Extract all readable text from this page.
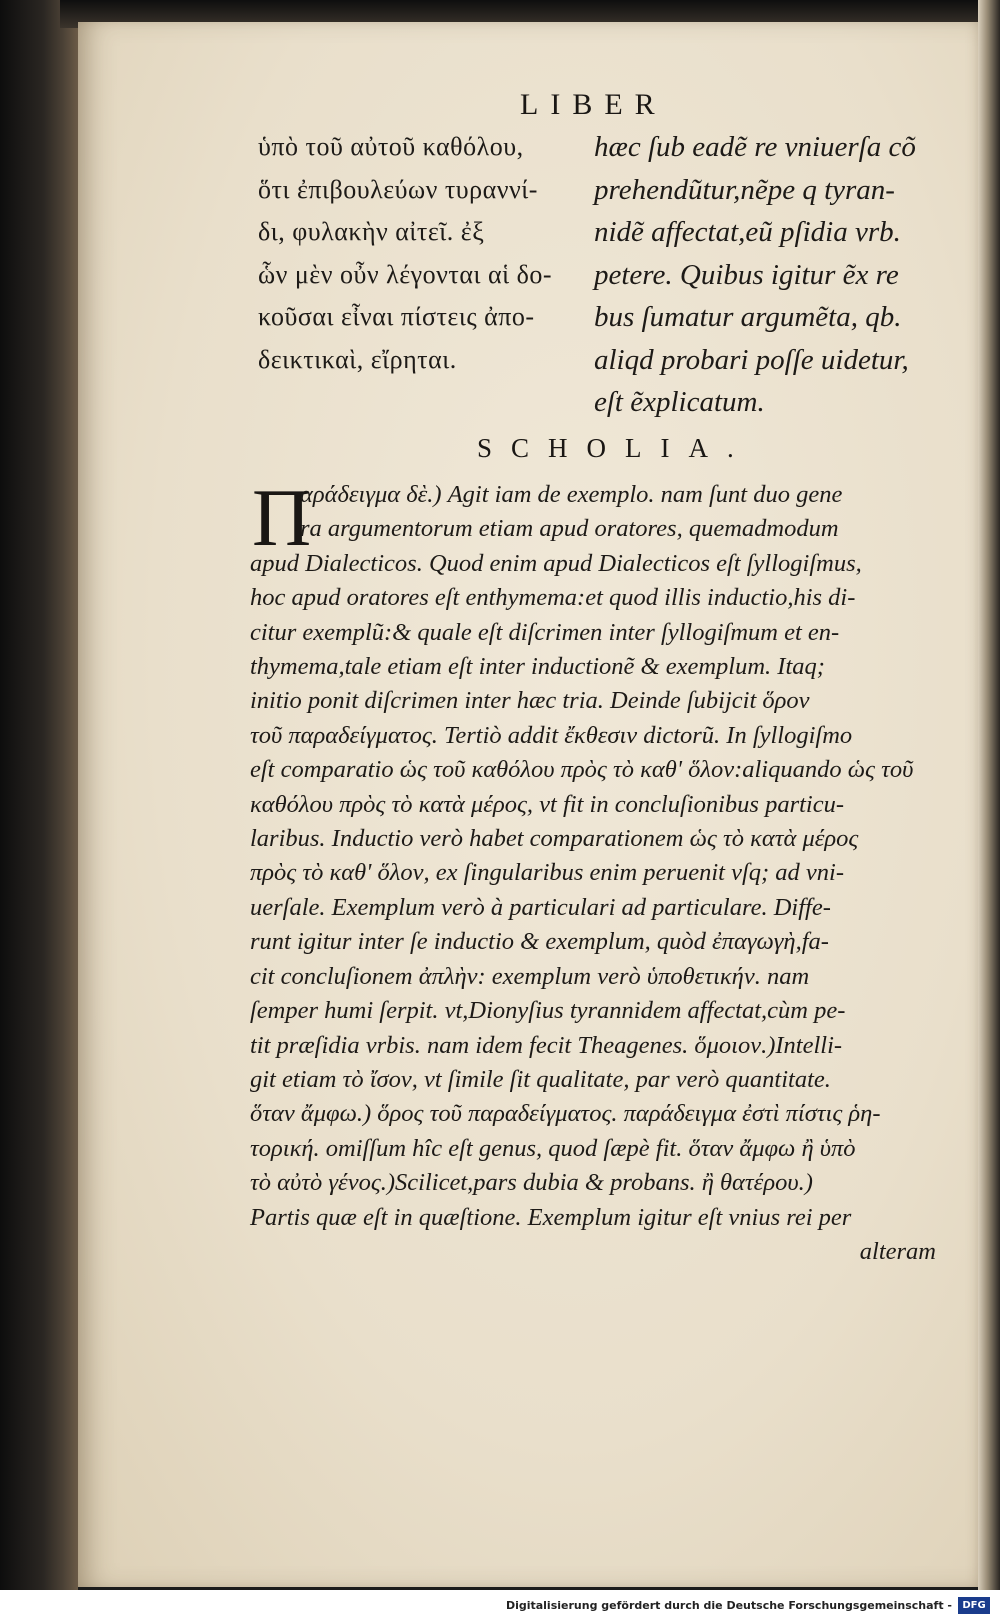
LIBER
ὑπὸ τοῦ αὐτοῦ καθόλου,
ὅτι ἐπιβουλεύων τυραννί-
δι, φυλακὴν αἰτεῖ. ἐξ
ὧν μὲν οὖν λέγονται αἱ δο-
κοῦσαι εἶναι πίστεις ἀπο-
δεικτικαὶ, εἴρηται.
hæc ſub eadẽ re vniuerſa cõ
prehendũtur,nẽpe q tyran-
nidẽ affectat,eũ pſidia vrb.
petere. Quibus igitur ẽx re
bus ſumatur argumẽta, qb.
aliqd probari poſſe uidetur,
eſt ẽxplicatum.
SCHOLIA.
Π
αράδειγμα δὲ.) Agit iam de exemplo. nam ſunt duo gene
ra argumentorum etiam apud oratores, quemadmodum
apud Dialecticos. Quod enim apud Dialecticos eſt ſyllogiſmus,
hoc apud oratores eſt enthymema:et quod illis inductio,his di-
citur exemplũ:& quale eſt diſcrimen inter ſyllogiſmum et en-
thymema,tale etiam eſt inter inductionẽ & exemplum. Itaq;
initio ponit diſcrimen inter hæc tria. Deinde ſubijcit ὅρον
τοῦ παραδείγματος. Tertiò addit ἔκθεσιν dictorũ. In ſyllogiſmo
eſt comparatio ὡς τοῦ καθόλου πρὸς τὸ καθ' ὅλον:aliquando ὡς τοῦ
καθόλου πρὸς τὸ κατὰ μέρος, vt fit in concluſionibus particu-
laribus. Inductio verò habet comparationem ὡς τὸ κατὰ μέρος
πρὸς τὸ καθ' ὅλον, ex ſingularibus enim peruenit vſq; ad vni-
uerſale. Exemplum verò à particulari ad particulare. Diffe-
runt igitur inter ſe inductio & exemplum, quòd ἐπαγωγὴ,fa-
cit concluſionem ἀπλὴν: exemplum verò ὑποθετικήν. nam
ſemper humi ſerpit. vt,Dionyſius tyrannidem affectat,cùm pe-
tit præſidia vrbis. nam idem fecit Theagenes. ὅμοιον.)Intelli-
git etiam τὸ ἴσον, vt ſimile ſit qualitate, par verò quantitate.
ὅταν ἄμφω.) ὅρος τοῦ παραδείγματος. παράδειγμα ἐστὶ πίστις ῥη-
τορική. omiſſum hîc eſt genus, quod ſæpè fit. ὅταν ἄμφω ἢ ὑπὸ
τὸ αὐτὸ γένος.)Scilicet,pars dubia & probans. ἢ θατέρου.)
Partis quæ eſt in quæſtione. Exemplum igitur eſt vnius rei per
alteram
Digitalisierung gefördert durch die Deutsche Forschungsgemeinschaft -	DFG
